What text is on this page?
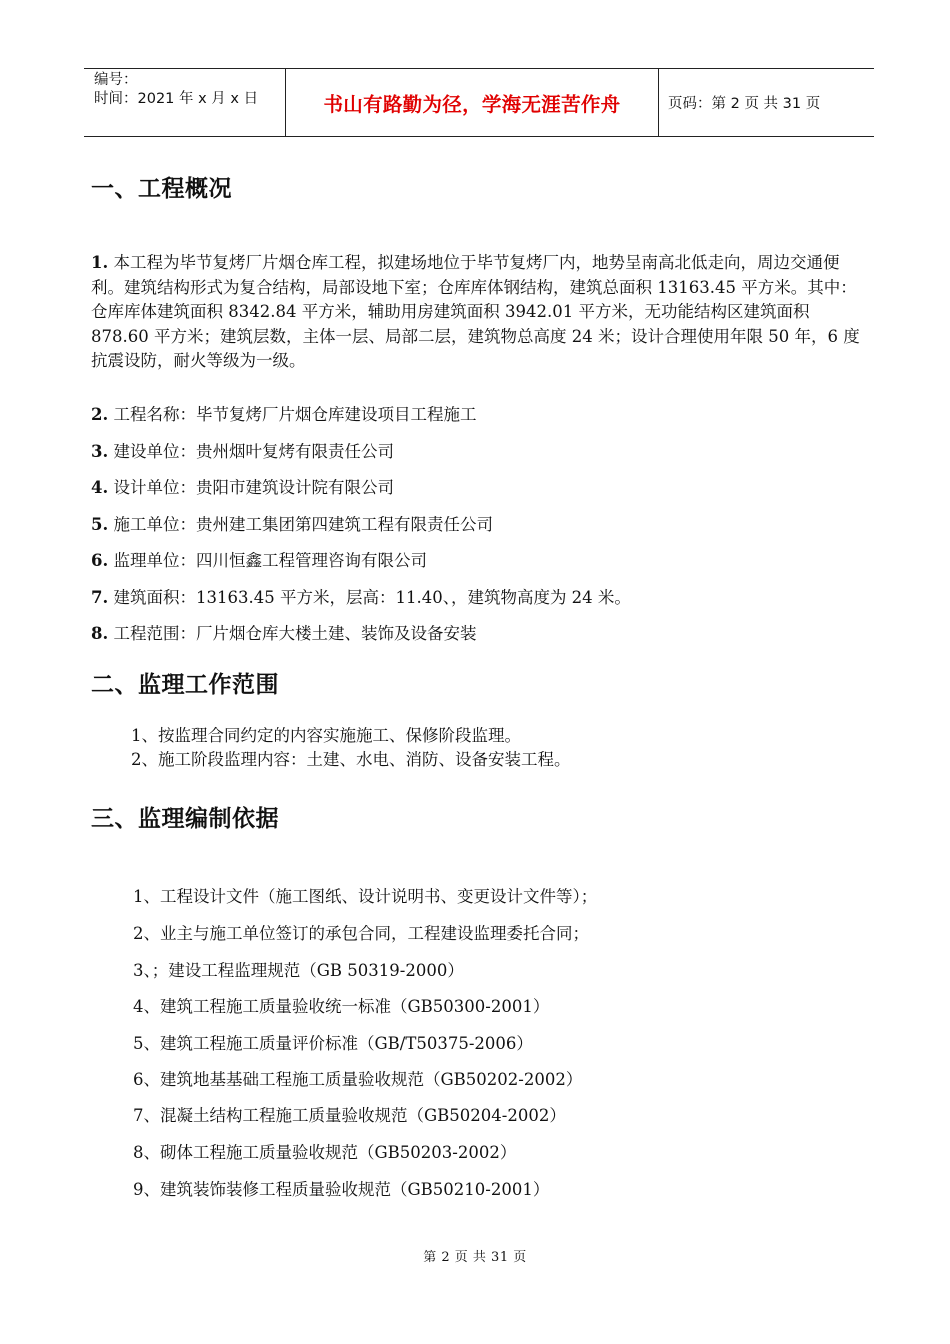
编号：
时间：2021 年 x 月 x 日	书山有路勤为径，学海无涯苦作舟	页码：第 2 页 共 31 页
一、工程概况

1. 本工程为毕节复烤厂片烟仓库工程，拟建场地位于毕节复烤厂内，地势呈南高北低走向，周边交通便利。建筑结构形式为复合结构，局部设地下室；仓库库体钢结构，建筑总面积 13163.45 平方米。其中：仓库库体建筑面积 8342.84 平方米，辅助用房建筑面积 3942.01 平方米，无功能结构区建筑面积 878.60 平方米；建筑层数，主体一层、局部二层，建筑物总高度 24 米；设计合理使用年限 50 年，6 度抗震设防，耐火等级为一级。

2. 工程名称：毕节复烤厂片烟仓库建设项目工程施工

3. 建设单位：贵州烟叶复烤有限责任公司

4. 设计单位：贵阳市建筑设计院有限公司

5. 施工单位：贵州建工集团第四建筑工程有限责任公司

6. 监理单位：四川恒鑫工程管理咨询有限公司

7. 建筑面积：13163.45 平方米，层高：11.40、，建筑物高度为 24 米。

8. 工程范围：厂片烟仓库大楼土建、装饰及设备安装

二、监理工作范围

1、按监理合同约定的内容实施施工、保修阶段监理。

2、施工阶段监理内容：土建、水电、消防、设备安装工程。

三、监理编制依据

1、工程设计文件（施工图纸、设计说明书、变更设计文件等）；

2、业主与施工单位签订的承包合同，工程建设监理委托合同；

3、；建设工程监理规范（GB 50319-2000）

4、建筑工程施工质量验收统一标准（GB50300-2001）

5、建筑工程施工质量评价标准（GB/T50375-2006）

6、建筑地基基础工程施工质量验收规范（GB50202-2002）

7、混凝土结构工程施工质量验收规范（GB50204-2002）

8、砌体工程施工质量验收规范（GB50203-2002）

9、建筑装饰装修工程质量验收规范（GB50210-2001）

第 2 页 共 31 页
